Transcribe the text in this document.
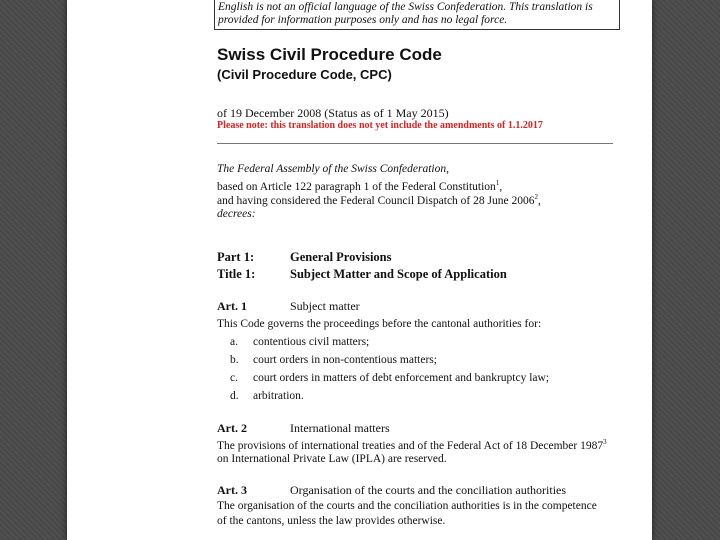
English is not an official language of the Swiss Confederation. This translation is provided for information purposes only and has no legal force.
Swiss Civil Procedure Code
(Civil Procedure Code, CPC)
of 19 December 2008 (Status as of 1 May 2015)
Please note: this translation does not yet include the amendments of 1.1.2017
The Federal Assembly of the Swiss Confederation,
based on Article 122 paragraph 1 of the Federal Constitution$^1$,
and having considered the Federal Council Dispatch of 28 June 2006$^2$,
decrees:
Part 1:	General Provisions
Title 1:	Subject Matter and Scope of Application
Art. 1	Subject matter
This Code governs the proceedings before the cantonal authorities for:
a. contentious civil matters;
b. court orders in non-contentious matters;
c. court orders in matters of debt enforcement and bankruptcy law;
d. arbitration.
Art. 2	International matters
The provisions of international treaties and of the Federal Act of 18 December 1987$^3$
on International Private Law (IPLA) are reserved.
Art. 3	Organisation of the courts and the conciliation authorities
The organisation of the courts and the conciliation authorities is in the competence
of the cantons, unless the law provides otherwise.
